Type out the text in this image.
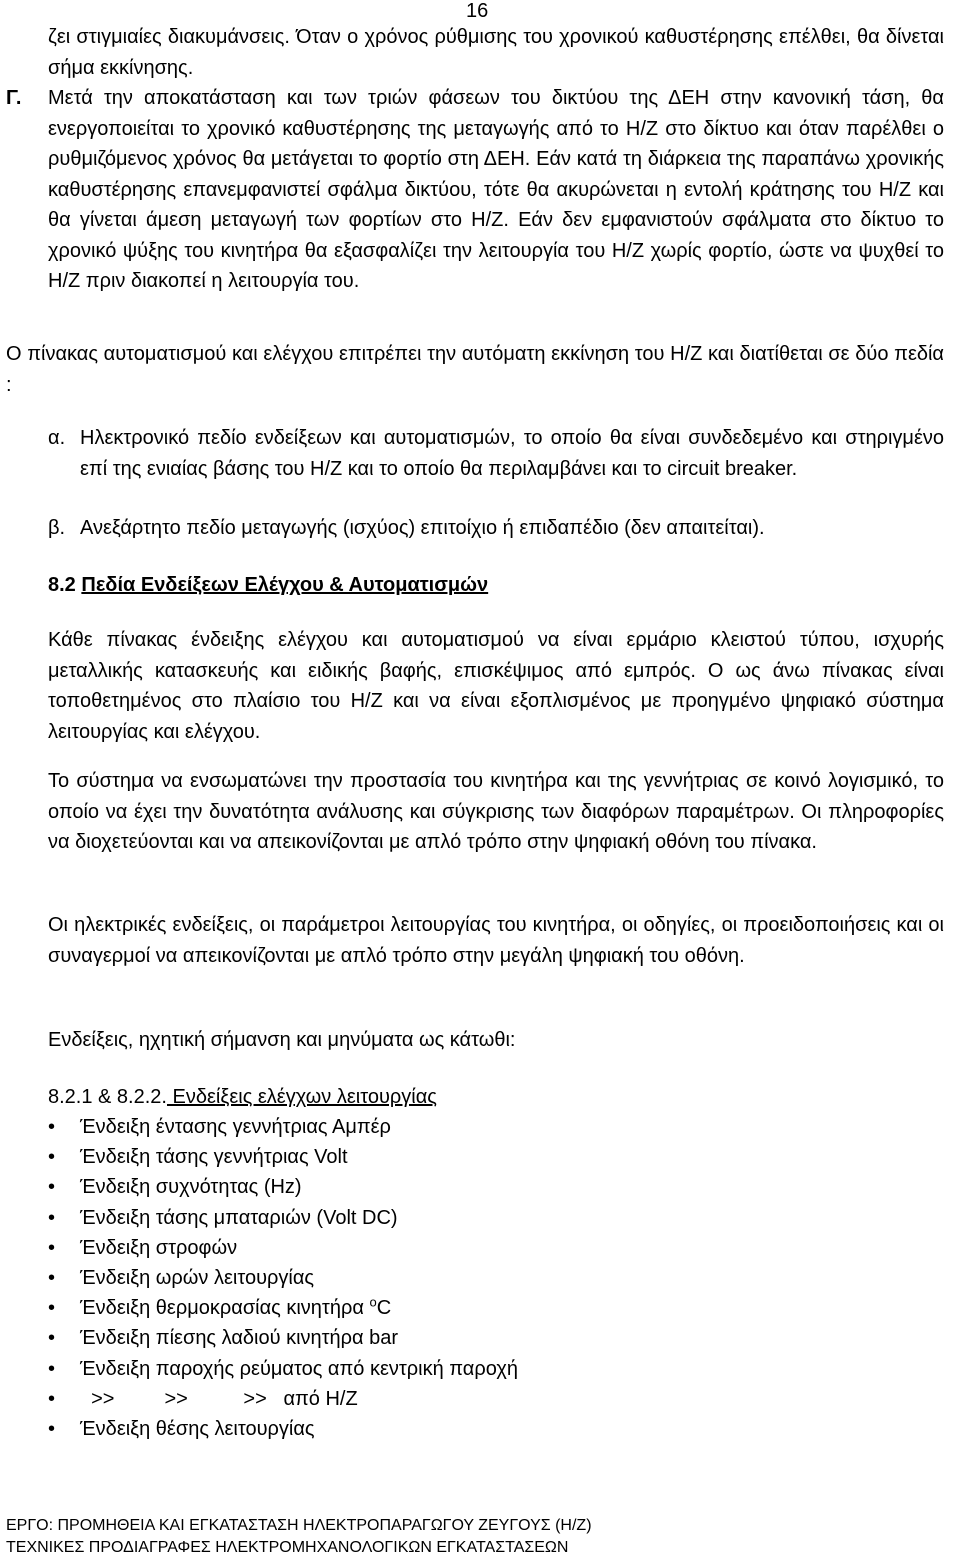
16

ζει στιγμιαίες διακυμάνσεις. Όταν ο χρόνος ρύθμισης του χρονικού καθυστέρησης επέλθει, θα δίνεται σήμα εκκίνησης.

Γ. Μετά την αποκατάσταση και των τριών φάσεων του δικτύου της ΔΕΗ στην κανονική τάση, θα ενεργοποιείται το χρονικό καθυστέρησης της μεταγωγής από το Η/Ζ στο δίκτυο και όταν παρέλθει ο ρυθμιζόμενος χρόνος θα μετάγεται το φορτίο στη ΔΕΗ. Εάν κατά τη διάρκεια της παραπάνω χρονικής καθυστέρησης επανεμφανιστεί σφάλμα δικτύου, τότε θα ακυρώνεται η εντολή κράτησης του Η/Ζ και θα γίνεται άμεση μεταγωγή των φορτίων στο Η/Ζ. Εάν δεν εμφανιστούν σφάλματα στο δίκτυο το χρονικό ψύξης του κινητήρα θα εξασφαλίζει την λειτουργία του Η/Ζ χωρίς φορτίο, ώστε να ψυχθεί το Η/Ζ πριν διακοπεί η λειτουργία του.

Ο πίνακας αυτοματισμού και ελέγχου επιτρέπει την αυτόματη εκκίνηση του Η/Ζ και διατίθεται σε δύο πεδία :

α. Ηλεκτρονικό πεδίο ενδείξεων και αυτοματισμών, το οποίο θα είναι συνδεδεμένο και στηριγμένο επί της ενιαίας βάσης του Η/Ζ και το οποίο θα περιλαμβάνει και το circuit breaker.

β. Ανεξάρτητο πεδίο μεταγωγής (ισχύος) επιτοίχιο ή επιδαπέδιο (δεν απαιτείται).

8.2 Πεδία Ενδείξεων Ελέγχου & Αυτοματισμών

Κάθε πίνακας ένδειξης ελέγχου και αυτοματισμού να είναι ερμάριο κλειστού τύπου, ισχυρής μεταλλικής κατασκευής και ειδικής βαφής, επισκέψιμος από εμπρός. Ο ως άνω πίνακας είναι τοποθετημένος στο πλαίσιο του Η/Ζ και να είναι εξοπλισμένος με προηγμένο ψηφιακό σύστημα λειτουργίας και ελέγχου.

Το σύστημα να ενσωματώνει την προστασία του κινητήρα και της γεννήτριας σε κοινό λογισμικό, το οποίο να έχει την δυνατότητα ανάλυσης και σύγκρισης των διαφόρων παραμέτρων. Οι πληροφορίες να διοχετεύονται και να απεικονίζονται με απλό τρόπο στην ψηφιακή οθόνη του πίνακα.

Οι ηλεκτρικές ενδείξεις, οι παράμετροι λειτουργίας του κινητήρα, οι οδηγίες, οι προειδοποιήσεις και οι συναγερμοί να απεικονίζονται με απλό τρόπο στην μεγάλη ψηφιακή του οθόνη.

Ενδείξεις, ηχητική σήμανση και μηνύματα ως κάτωθι:

8.2.1 & 8.2.2. Ενδείξεις ελέγχων λειτουργίας
•	Ένδειξη έντασης γεννήτριας Αμπέρ
•	Ένδειξη τάσης γεννήτριας Volt
•	Ένδειξη συχνότητας (Hz)
•	Ένδειξη τάσης μπαταριών (Volt DC)
•	Ένδειξη στροφών
•	Ένδειξη ωρών λειτουργίας
•	Ένδειξη θερμοκρασίας κινητήρα $^o$C
•	Ένδειξη πίεσης λαδιού κινητήρα bar
•	Ένδειξη παροχής ρεύματος από κεντρική παροχή
•	>>         >>          >>   από Η/Ζ
•	Ένδειξη θέσης λειτουργίας
ΕΡΓΟ: ΠΡΟΜΗΘΕΙΑ ΚΑΙ ΕΓΚΑΤΑΣΤΑΣΗ ΗΛΕΚΤΡΟΠΑΡΑΓΩΓΟΥ ΖΕΥΓΟΥΣ (Η/Ζ)
ΤΕΧΝΙΚΕΣ ΠΡΟΔΙΑΓΡΑΦΕΣ ΗΛΕΚΤΡΟΜΗΧΑΝΟΛΟΓΙΚΩΝ ΕΓΚΑΤΑΣΤΑΣΕΩΝ
